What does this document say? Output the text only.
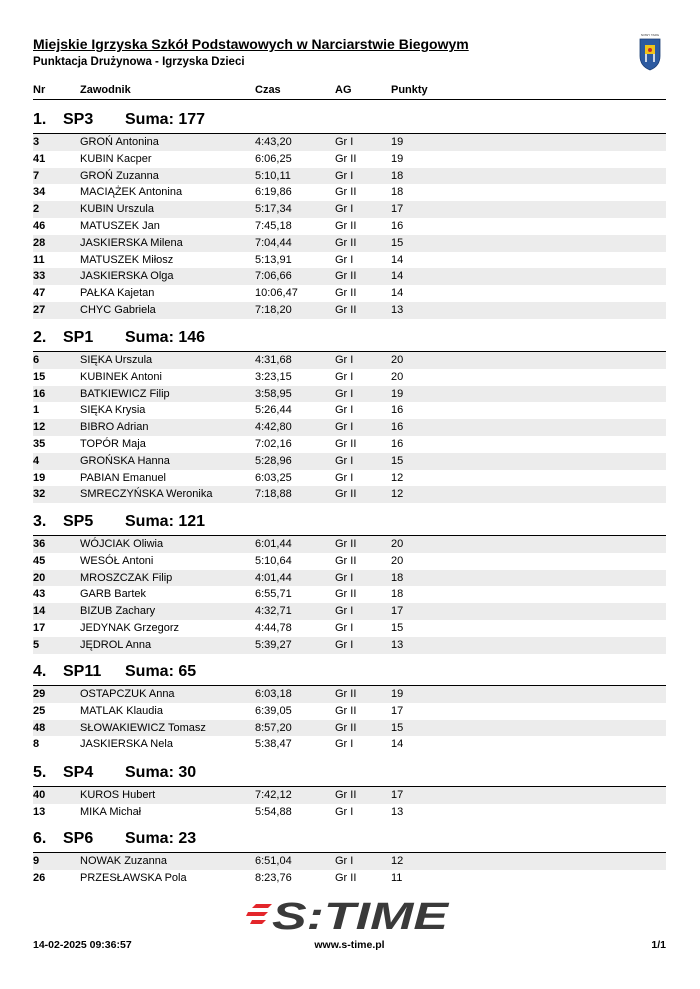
Miejskie Igrzyska Szkół Podstawowych w Narciarstwie Biegowym
Punktacja Drużynowa - Igrzyska Dzieci
NOWY TARG
Nr	Zawodnik	Czas	AG	Punkty
1. SP3 Suma: 177
3	GROŃ Antonina	4:43,20	Gr I	19
41	KUBIN Kacper	6:06,25	Gr II	19
7	GROŃ Zuzanna	5:10,11	Gr I	18
34	MACIĄŻEK Antonina	6:19,86	Gr II	18
2	KUBIN Urszula	5:17,34	Gr I	17
46	MATUSZEK Jan	7:45,18	Gr II	16
28	JASKIERSKA Milena	7:04,44	Gr II	15
11	MATUSZEK Miłosz	5:13,91	Gr I	14
33	JASKIERSKA Olga	7:06,66	Gr II	14
47	PAŁKA Kajetan	10:06,47	Gr II	14
27	CHYC Gabriela	7:18,20	Gr II	13
2. SP1 Suma: 146
6	SIĘKA Urszula	4:31,68	Gr I	20
15	KUBINEK Antoni	3:23,15	Gr I	20
16	BATKIEWICZ Filip	3:58,95	Gr I	19
1	SIĘKA Krysia	5:26,44	Gr I	16
12	BIBRO Adrian	4:42,80	Gr I	16
35	TOPÓR Maja	7:02,16	Gr II	16
4	GROŃSKA Hanna	5:28,96	Gr I	15
19	PABIAN Emanuel	6:03,25	Gr I	12
32	SMRECZYŃSKA Weronika	7:18,88	Gr II	12
3. SP5 Suma: 121
36	WÓJCIAK Oliwia	6:01,44	Gr II	20
45	WESÓŁ Antoni	5:10,64	Gr II	20
20	MROSZCZAK Filip	4:01,44	Gr I	18
43	GARB Bartek	6:55,71	Gr II	18
14	BIZUB Zachary	4:32,71	Gr I	17
17	JEDYNAK Grzegorz	4:44,78	Gr I	15
5	JĘDROL Anna	5:39,27	Gr I	13
4. SP11 Suma: 65
29	OSTAPCZUK Anna	6:03,18	Gr II	19
25	MATLAK Klaudia	6:39,05	Gr II	17
48	SŁOWAKIEWICZ Tomasz	8:57,20	Gr II	15
8	JASKIERSKA Nela	5:38,47	Gr I	14
5. SP4 Suma: 30
40	KUROS Hubert	7:42,12	Gr II	17
13	MIKA Michał	5:54,88	Gr I	13
6. SP6 Suma: 23
9	NOWAK Zuzanna	6:51,04	Gr I	12
26	PRZESŁAWSKA Pola	8:23,76	Gr II	11
S:TIME
14-02-2025 09:36:57	www.s-time.pl	1/1
